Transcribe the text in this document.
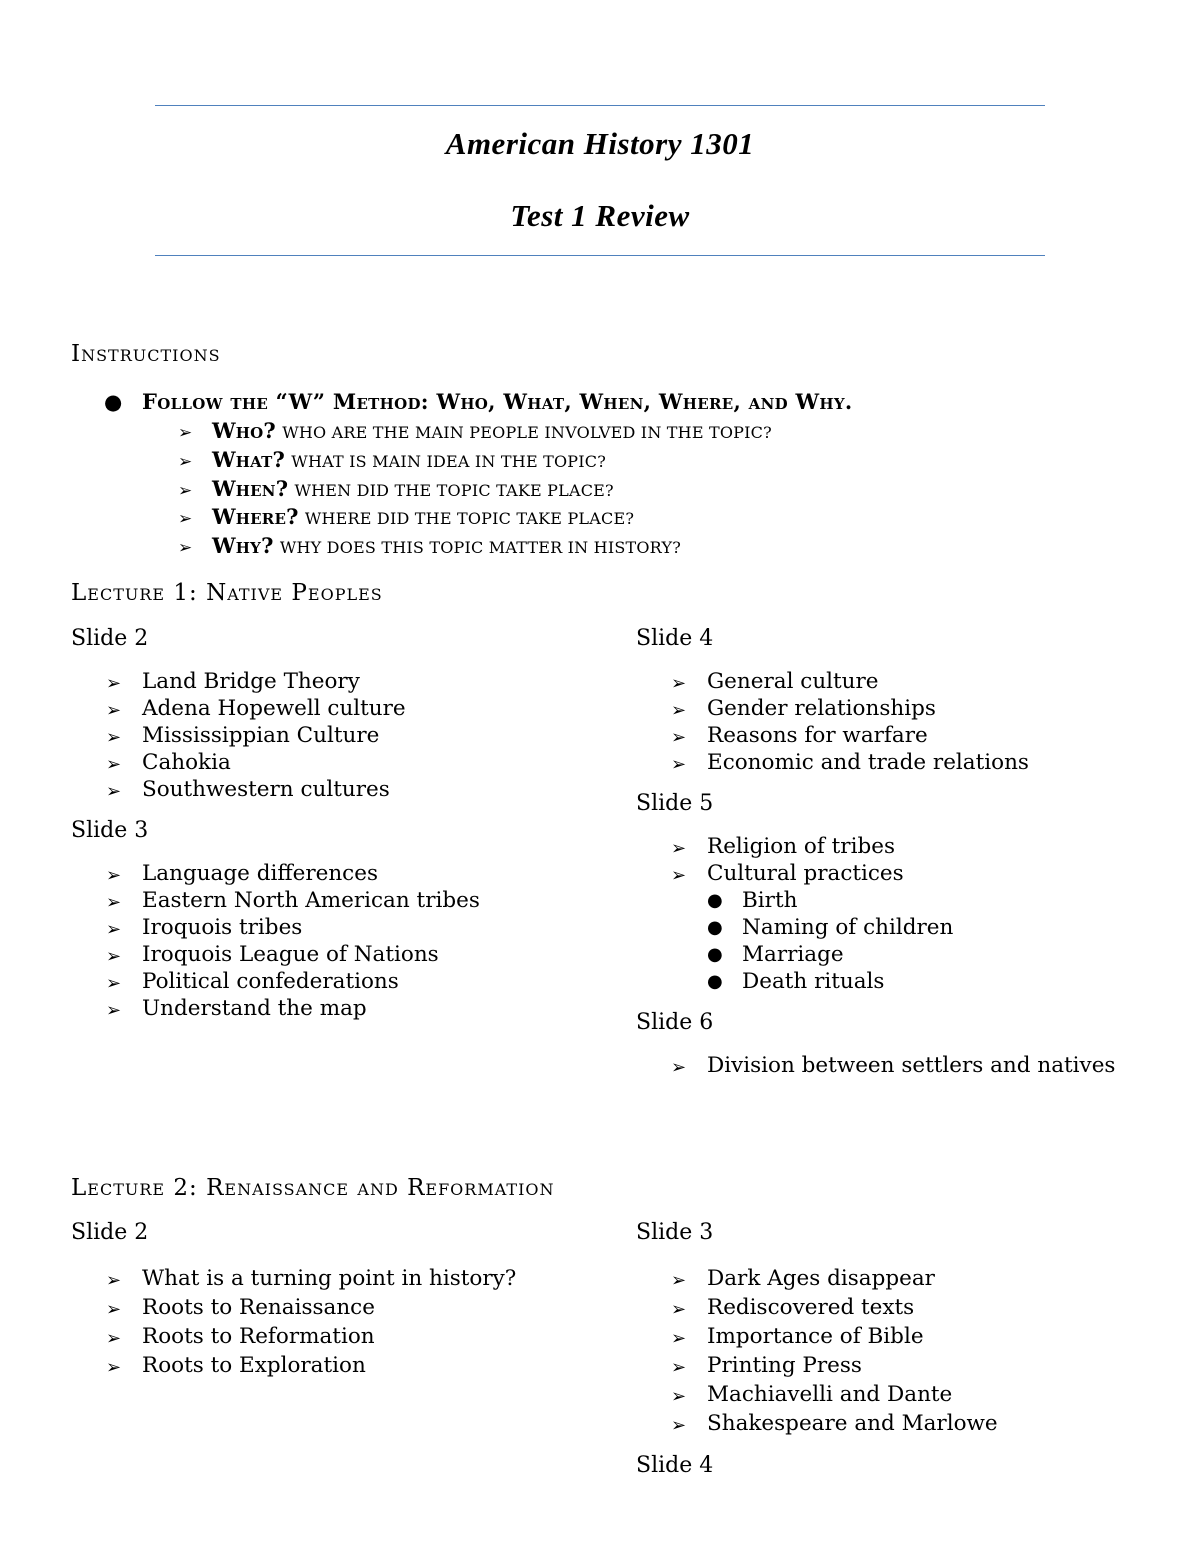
American History 1301
Test 1 Review
Instructions
● Follow the “W” Method: Who, What, When, Where, and Why.
➢ Who? WHO ARE THE MAIN PEOPLE INVOLVED IN THE TOPIC?
➢ What? WHAT IS MAIN IDEA IN THE TOPIC?
➢ When? WHEN DID THE TOPIC TAKE PLACE?
➢ Where? WHERE DID THE TOPIC TAKE PLACE?
➢ Why? WHY DOES THIS TOPIC MATTER IN HISTORY?
Lecture 1: Native Peoples
Slide 2
➢ Land Bridge Theory
➢ Adena Hopewell culture
➢ Mississippian Culture
➢ Cahokia
➢ Southwestern cultures
Slide 3
➢ Language differences
➢ Eastern North American tribes
➢ Iroquois tribes
➢ Iroquois League of Nations
➢ Political confederations
➢ Understand the map
Slide 4
➢ General culture
➢ Gender relationships
➢ Reasons for warfare
➢ Economic and trade relations
Slide 5
➢ Religion of tribes
➢ Cultural practices
● Birth
● Naming of children
● Marriage
● Death rituals
Slide 6
➢ Division between settlers and natives
Lecture 2: Renaissance and Reformation
Slide 2
➢ What is a turning point in history?
➢ Roots to Renaissance
➢ Roots to Reformation
➢ Roots to Exploration
Slide 3
➢ Dark Ages disappear
➢ Rediscovered texts
➢ Importance of Bible
➢ Printing Press
➢ Machiavelli and Dante
➢ Shakespeare and Marlowe
Slide 4
